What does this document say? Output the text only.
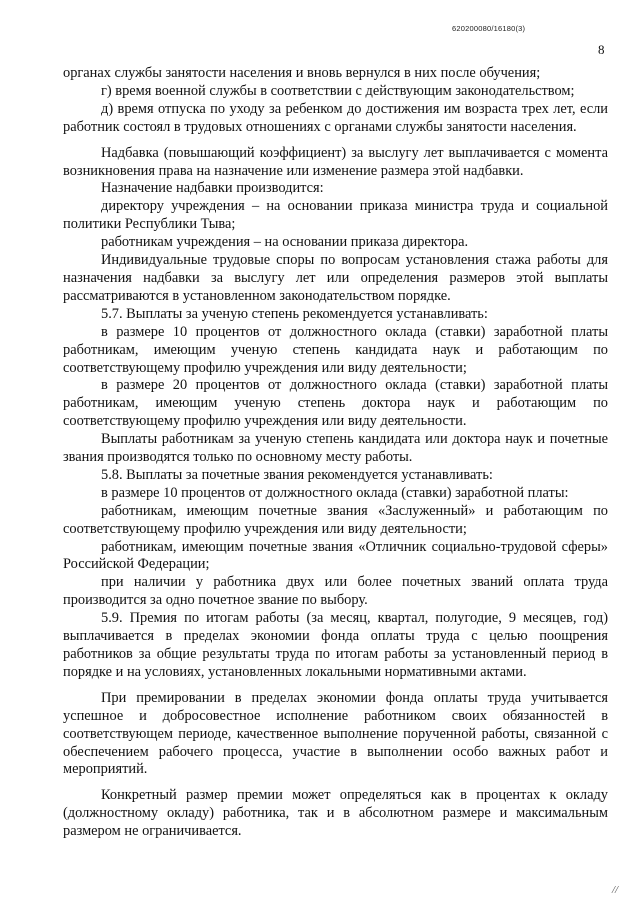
620200080/16180(3)
8

органах службы занятости населения и вновь вернулся в них после обучения;

г) время военной службы в соответствии с действующим законодательством;

д) время отпуска по уходу за ребенком до достижения им возраста трех лет, если работник состоял в трудовых отношениях с органами службы занятости населения.

Надбавка (повышающий коэффициент) за выслугу лет выплачивается с момента возникновения права на назначение или изменение размера этой надбавки.

Назначение надбавки производится:

директору учреждения – на основании приказа министра труда и социальной политики Республики Тыва;

работникам учреждения – на основании приказа директора.

Индивидуальные трудовые споры по вопросам установления стажа работы для назначения надбавки за выслугу лет или определения размеров этой выплаты рассматриваются в установленном законодательством порядке.

5.7. Выплаты за ученую степень рекомендуется устанавливать:

в размере 10 процентов от должностного оклада (ставки) заработной платы работникам, имеющим ученую степень кандидата наук и работающим по соответствующему профилю учреждения или виду деятельности;

в размере 20 процентов от должностного оклада (ставки) заработной платы работникам, имеющим ученую степень доктора наук и работающим по соответствующему профилю учреждения или виду деятельности.

Выплаты работникам за ученую степень кандидата или доктора наук и почетные звания производятся только по основному месту работы.

5.8. Выплаты за почетные звания рекомендуется устанавливать:

в размере 10 процентов от должностного оклада (ставки) заработной платы:

работникам, имеющим почетные звания «Заслуженный» и работающим по соответствующему профилю учреждения или виду деятельности;

работникам, имеющим почетные звания «Отличник социально-трудовой сферы» Российской Федерации;

при наличии у работника двух или более почетных званий оплата труда производится за одно почетное звание по выбору.

5.9. Премия по итогам работы (за месяц, квартал, полугодие, 9 месяцев, год) выплачивается в пределах экономии фонда оплаты труда с целью поощрения работников за общие результаты труда по итогам работы за установленный период в порядке и на условиях, установленных локальными нормативными актами.

При премировании в пределах экономии фонда оплаты труда учитывается успешное и добросовестное исполнение работником своих обязанностей в соответствующем периоде, качественное выполнение порученной работы, связанной с обеспечением рабочего процесса, участие в выполнении особо важных работ и мероприятий.

Конкретный размер премии может определяться как в процентах к окладу (должностному окладу) работника, так и в абсолютном размере и максимальным размером не ограничивается.

//
